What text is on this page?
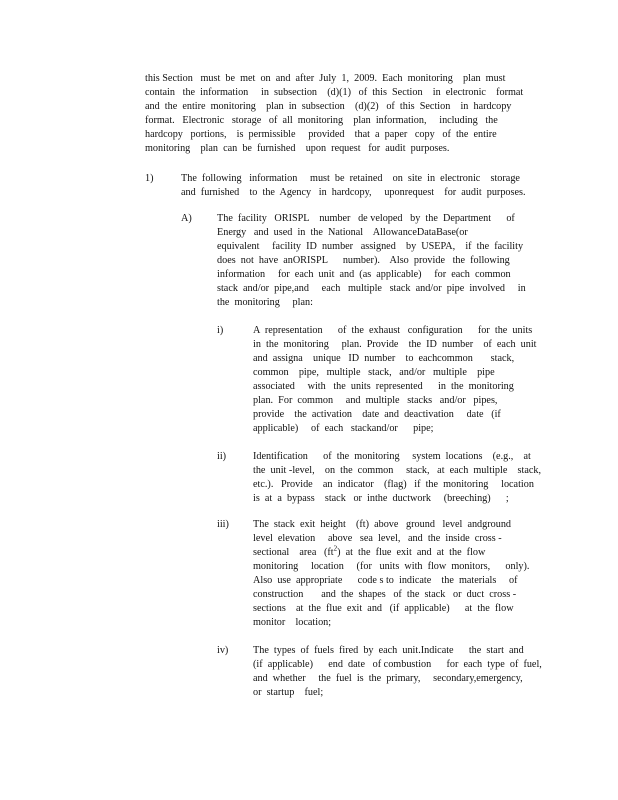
this Section   must  be  met  on  and  after  July  1,  2009.  Each  monitoring    plan  must
contain   the  information     in  subsection    (d)(1)   of  this  Section    in  electronic    format
and  the  entire  monitoring    plan  in  subsection    (d)(2)   of  this  Section    in  hardcopy
format.   Electronic   storage   of  all  monitoring    plan  information,     including   the
hardcopy   portions,    is  permissible     provided    that  a  paper   copy   of  the  entire
monitoring    plan  can  be  furnished    upon  request   for  audit  purposes.
1)	The  following   information     must  be  retained    on  site  in  electronic    storage
and  furnished    to  the  Agency   in  hardcopy,     uponrequest    for  audit  purposes.
A) The  facility   ORISPL    number   de veloped   by  the  Department      of
Energy   and  used  in  the  National    AllowanceDataBase(or
equivalent     facility  ID  number   assigned    by  USEPA,    if  the  facility
does  not  have  anORISPL      number).    Also  provide   the  following
information     for  each  unit  and  (as  applicable)     for  each  common
stack  and/or  pipe,and     each   multiple   stack  and/or  pipe  involved     in
the  monitoring     plan:
i)	A  representation      of  the  exhaust   configuration      for  the  units
in  the  monitoring     plan.  Provide    the  ID  number    of  each  unit
and  assigna    unique   ID  number    to  eachcommon       stack,
common    pipe,   multiple   stack,   and/or   multiple    pipe
associated     with   the  units  represented      in  the  monitoring
plan.  For  common     and  multiple   stacks   and/or   pipes,
provide    the  activation    date  and  deactivation     date   (if
applicable)     of  each   stackand/or      pipe;
ii)	Identification      of  the  monitoring     system  locations    (e.g.,    at
the  unit -level,    on  the  common     stack,   at  each  multiple    stack,
etc.).   Provide    an  indicator    (flag)   if  the  monitoring     location
is  at  a  bypass    stack   or  inthe  ductwork     (breeching)      ;
iii) The  stack  exit  height    (ft)  above   ground   level  andground
level  elevation     above   sea  level,   and  the  inside  cross -
sectional    area   $(ft^2)$  at  the  flue  exit  and  at  the  flow
monitoring     location     (for   units  with  flow  monitors,      only).
Also  use  appropriate      code s to  indicate    the  materials     of
construction       and  the  shapes   of  the  stack   or  duct  cross -
sections    at  the  flue  exit  and   (if  applicable)      at  the  flow
monitor    location;
iv) The  types  of  fuels  fired  by  each  unit.Indicate      the  start  and
(if  applicable)      end  date   of combustion      for  each  type  of  fuel,
and  whether     the  fuel  is  the  primary,     secondary,emergency,
or  startup    fuel;
